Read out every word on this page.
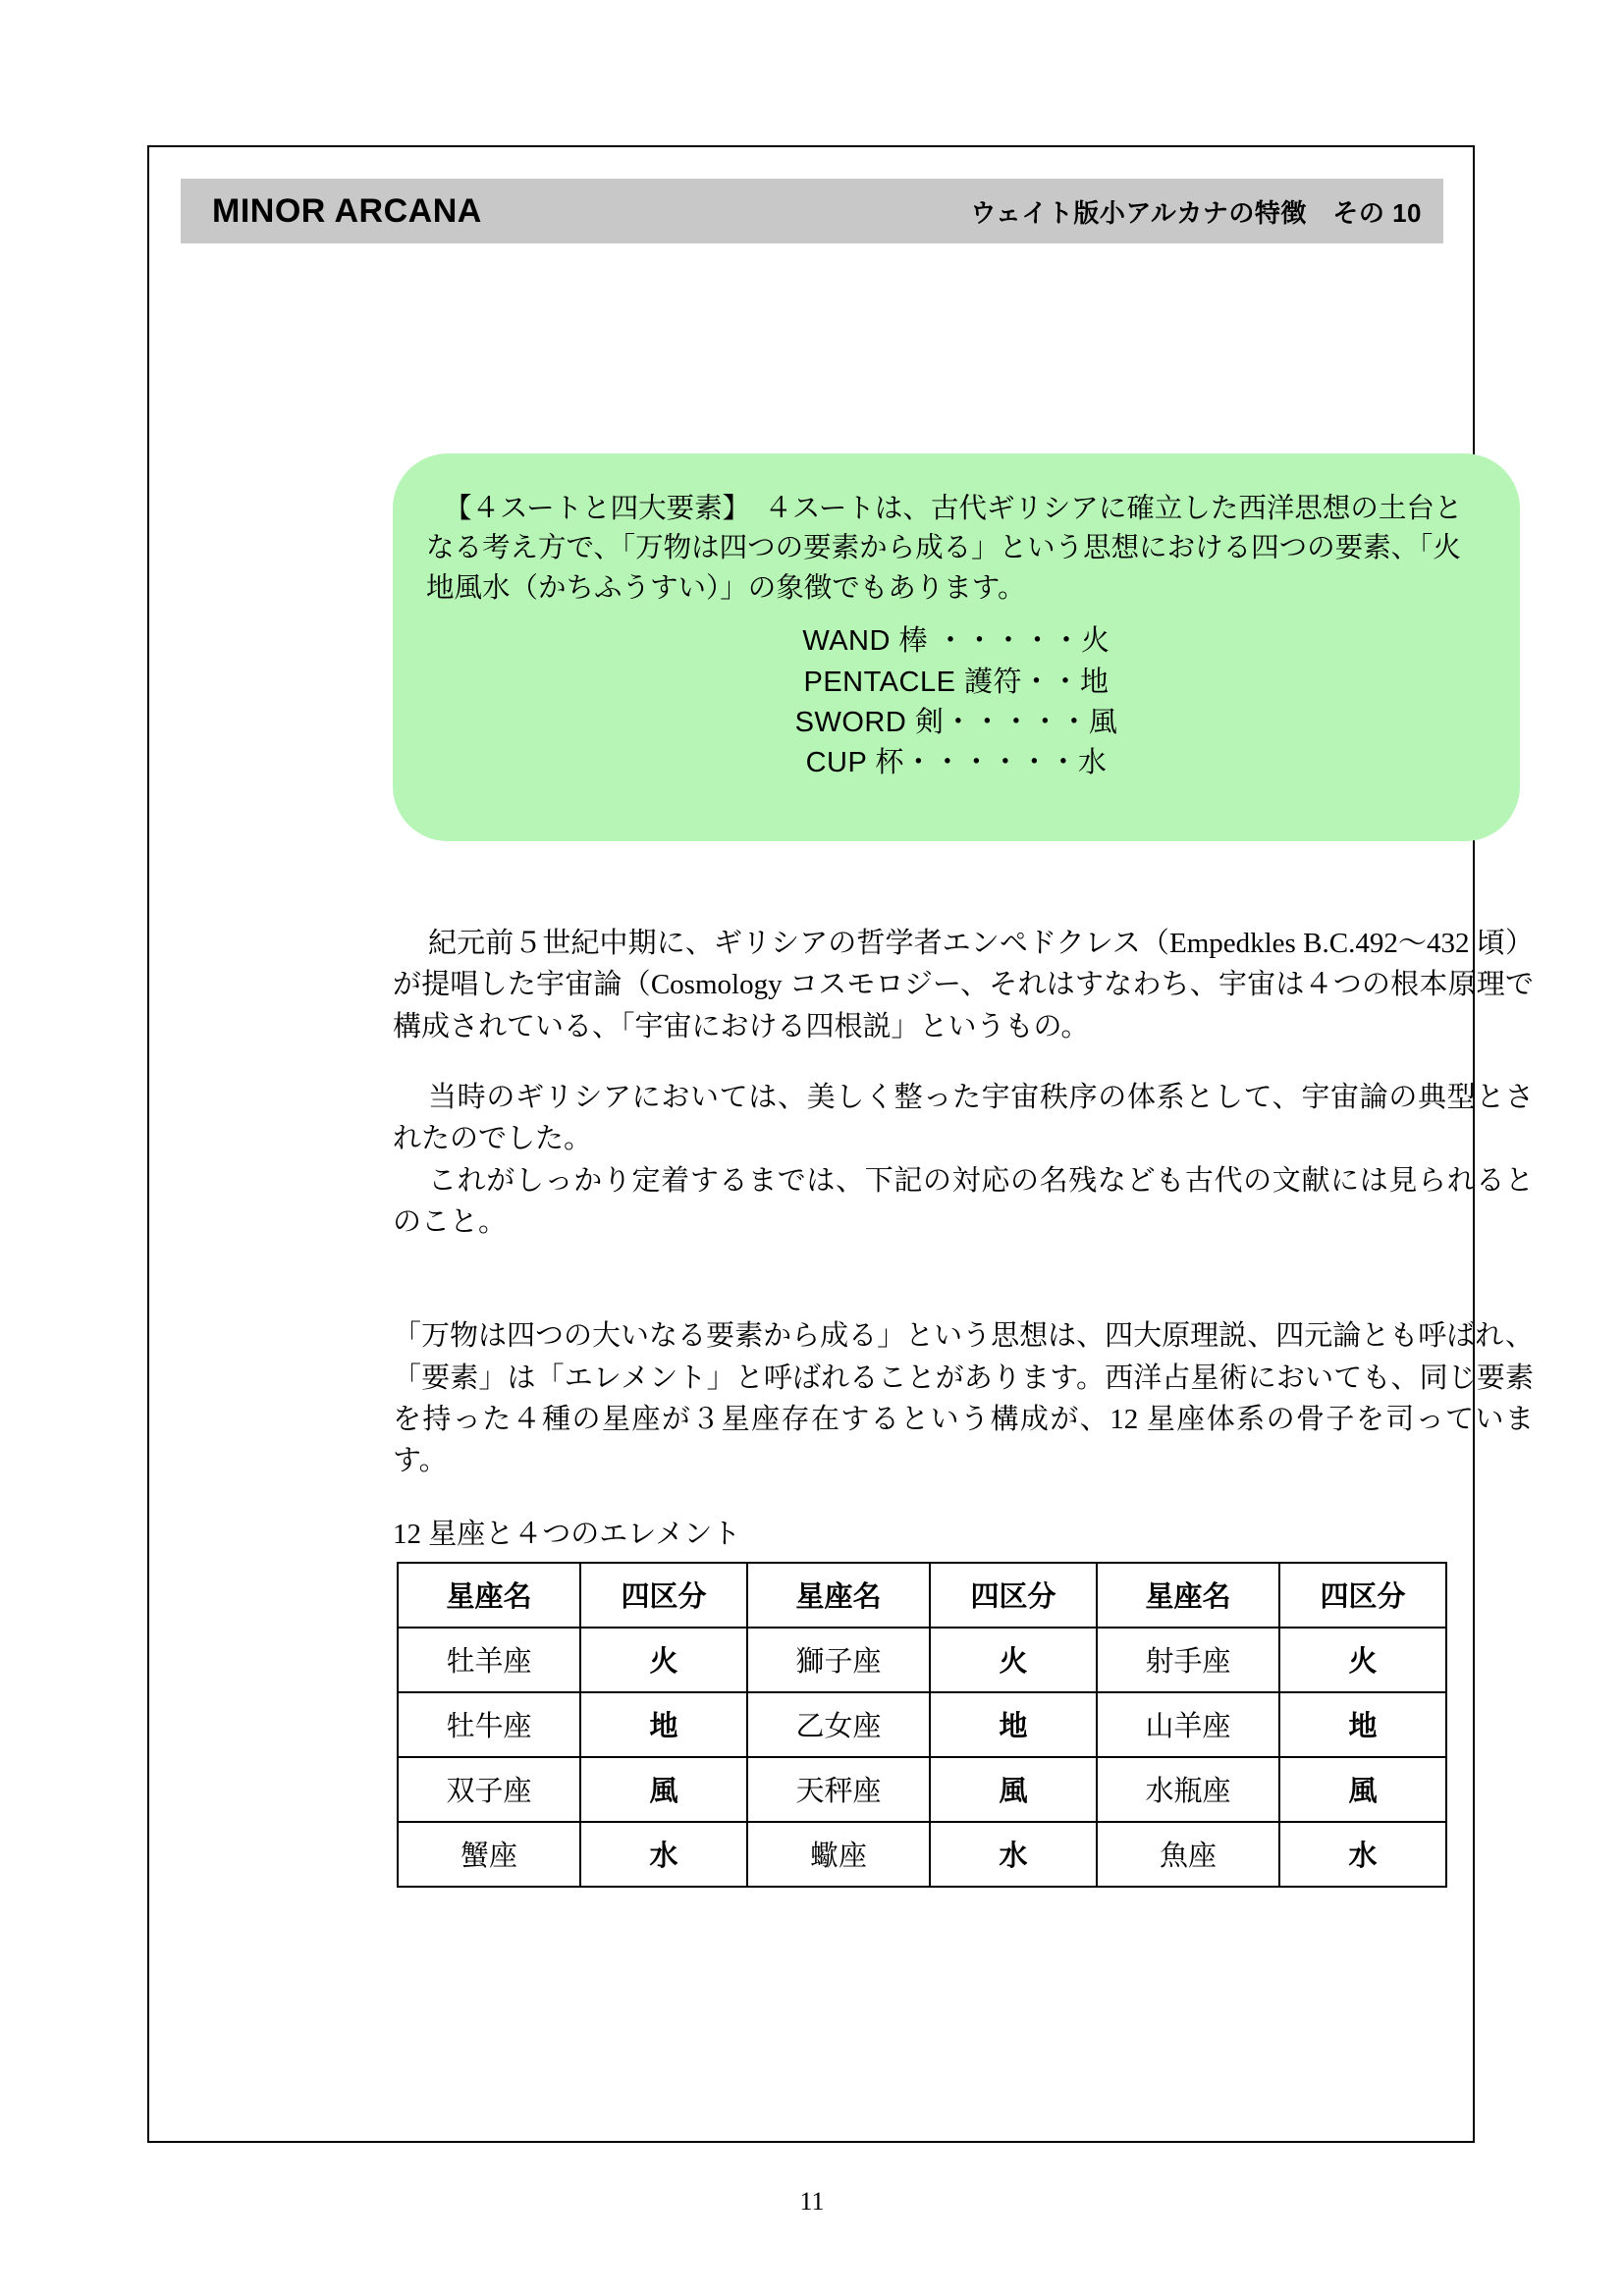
MINOR ARCANA	ウェイト版小アルカナの特徴　その 10

【４スートと四大要素】　４スートは、古代ギリシアに確立した西洋思想の土台となる考え方で、「万物は四つの要素から成る」という思想における四つの要素、「火地風水（かちふうすい）」の象徴でもあります。

WAND 棒 ・・・・・火
PENTACLE 護符・・地
SWORD 剣・・・・・風
CUP 杯・・・・・・水

紀元前５世紀中期に、ギリシアの哲学者エンペドクレス（Empedkles B.C.492〜432 頃）が提唱した宇宙論（Cosmology コスモロジー、それはすなわち、宇宙は４つの根本原理で構成されている、「宇宙における四根説」というもの。

当時のギリシアにおいては、美しく整った宇宙秩序の体系として、宇宙論の典型とされたのでした。

これがしっかり定着するまでは、下記の対応の名残なども古代の文献には見られるとのこと。

「万物は四つの大いなる要素から成る」という思想は、四大原理説、四元論とも呼ばれ、「要素」は「エレメント」と呼ばれることがあります。西洋占星術においても、同じ要素を持った４種の星座が３星座存在するという構成が、12 星座体系の骨子を司っています。

12 星座と４つのエレメント

星座名	四区分	星座名	四区分	星座名	四区分
牡羊座	火	獅子座	火	射手座	火
牡牛座	地	乙女座	地	山羊座	地
双子座	風	天秤座	風	水瓶座	風
蟹座	水	蠍座	水	魚座	水
11
